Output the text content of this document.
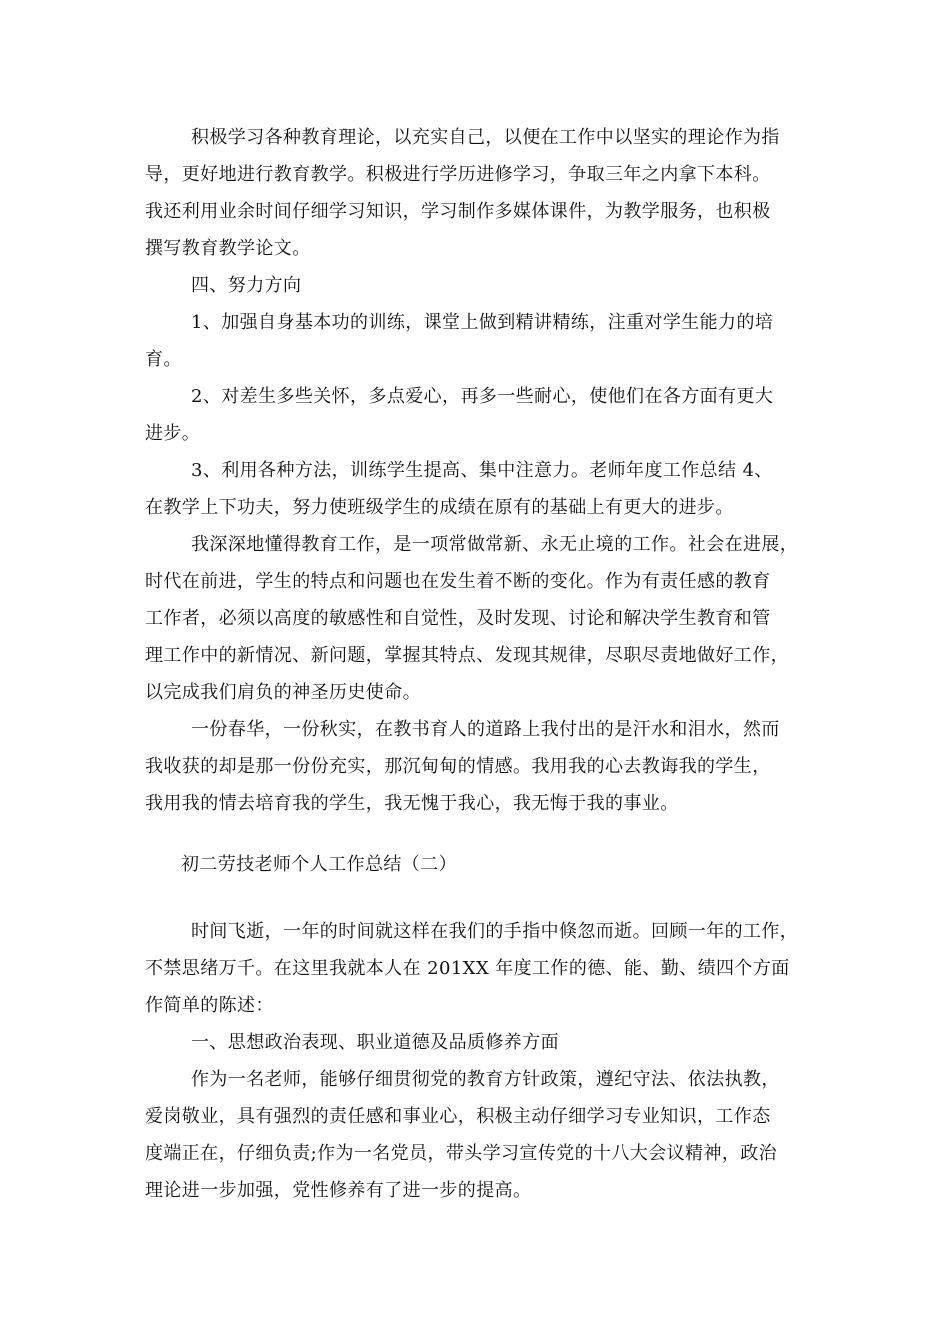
积极学习各种教育理论，以充实自己，以便在工作中以坚实的理论作为指
导，更好地进行教育教学。积极进行学历进修学习，争取三年之内拿下本科。
我还利用业余时间仔细学习知识，学习制作多媒体课件，为教学服务，也积极
撰写教育教学论文。
四、努力方向
1、加强自身基本功的训练，课堂上做到精讲精练，注重对学生能力的培
育。
2、对差生多些关怀，多点爱心，再多一些耐心，使他们在各方面有更大
进步。
3、利用各种方法，训练学生提高、集中注意力。老师年度工作总结 4、
在教学上下功夫，努力使班级学生的成绩在原有的基础上有更大的进步。
我深深地懂得教育工作，是一项常做常新、永无止境的工作。社会在进展，
时代在前进，学生的特点和问题也在发生着不断的变化。作为有责任感的教育
工作者，必须以高度的敏感性和自觉性，及时发现、讨论和解决学生教育和管
理工作中的新情况、新问题，掌握其特点、发现其规律，尽职尽责地做好工作，
以完成我们肩负的神圣历史使命。
一份春华，一份秋实，在教书育人的道路上我付出的是汗水和泪水，然而
我收获的却是那一份份充实，那沉甸甸的情感。我用我的心去教诲我的学生，
我用我的情去培育我的学生，我无愧于我心，我无悔于我的事业。
初二劳技老师个人工作总结（二）
时间飞逝，一年的时间就这样在我们的手指中倏忽而逝。回顾一年的工作，
不禁思绪万千。在这里我就本人在 201XX 年度工作的德、能、勤、绩四个方面
作简单的陈述：
一、思想政治表现、职业道德及品质修养方面
作为一名老师，能够仔细贯彻党的教育方针政策，遵纪守法、依法执教，
爱岗敬业，具有强烈的责任感和事业心，积极主动仔细学习专业知识，工作态
度端正在，仔细负责;作为一名党员，带头学习宣传党的十八大会议精神，政治
理论进一步加强，党性修养有了进一步的提高。
